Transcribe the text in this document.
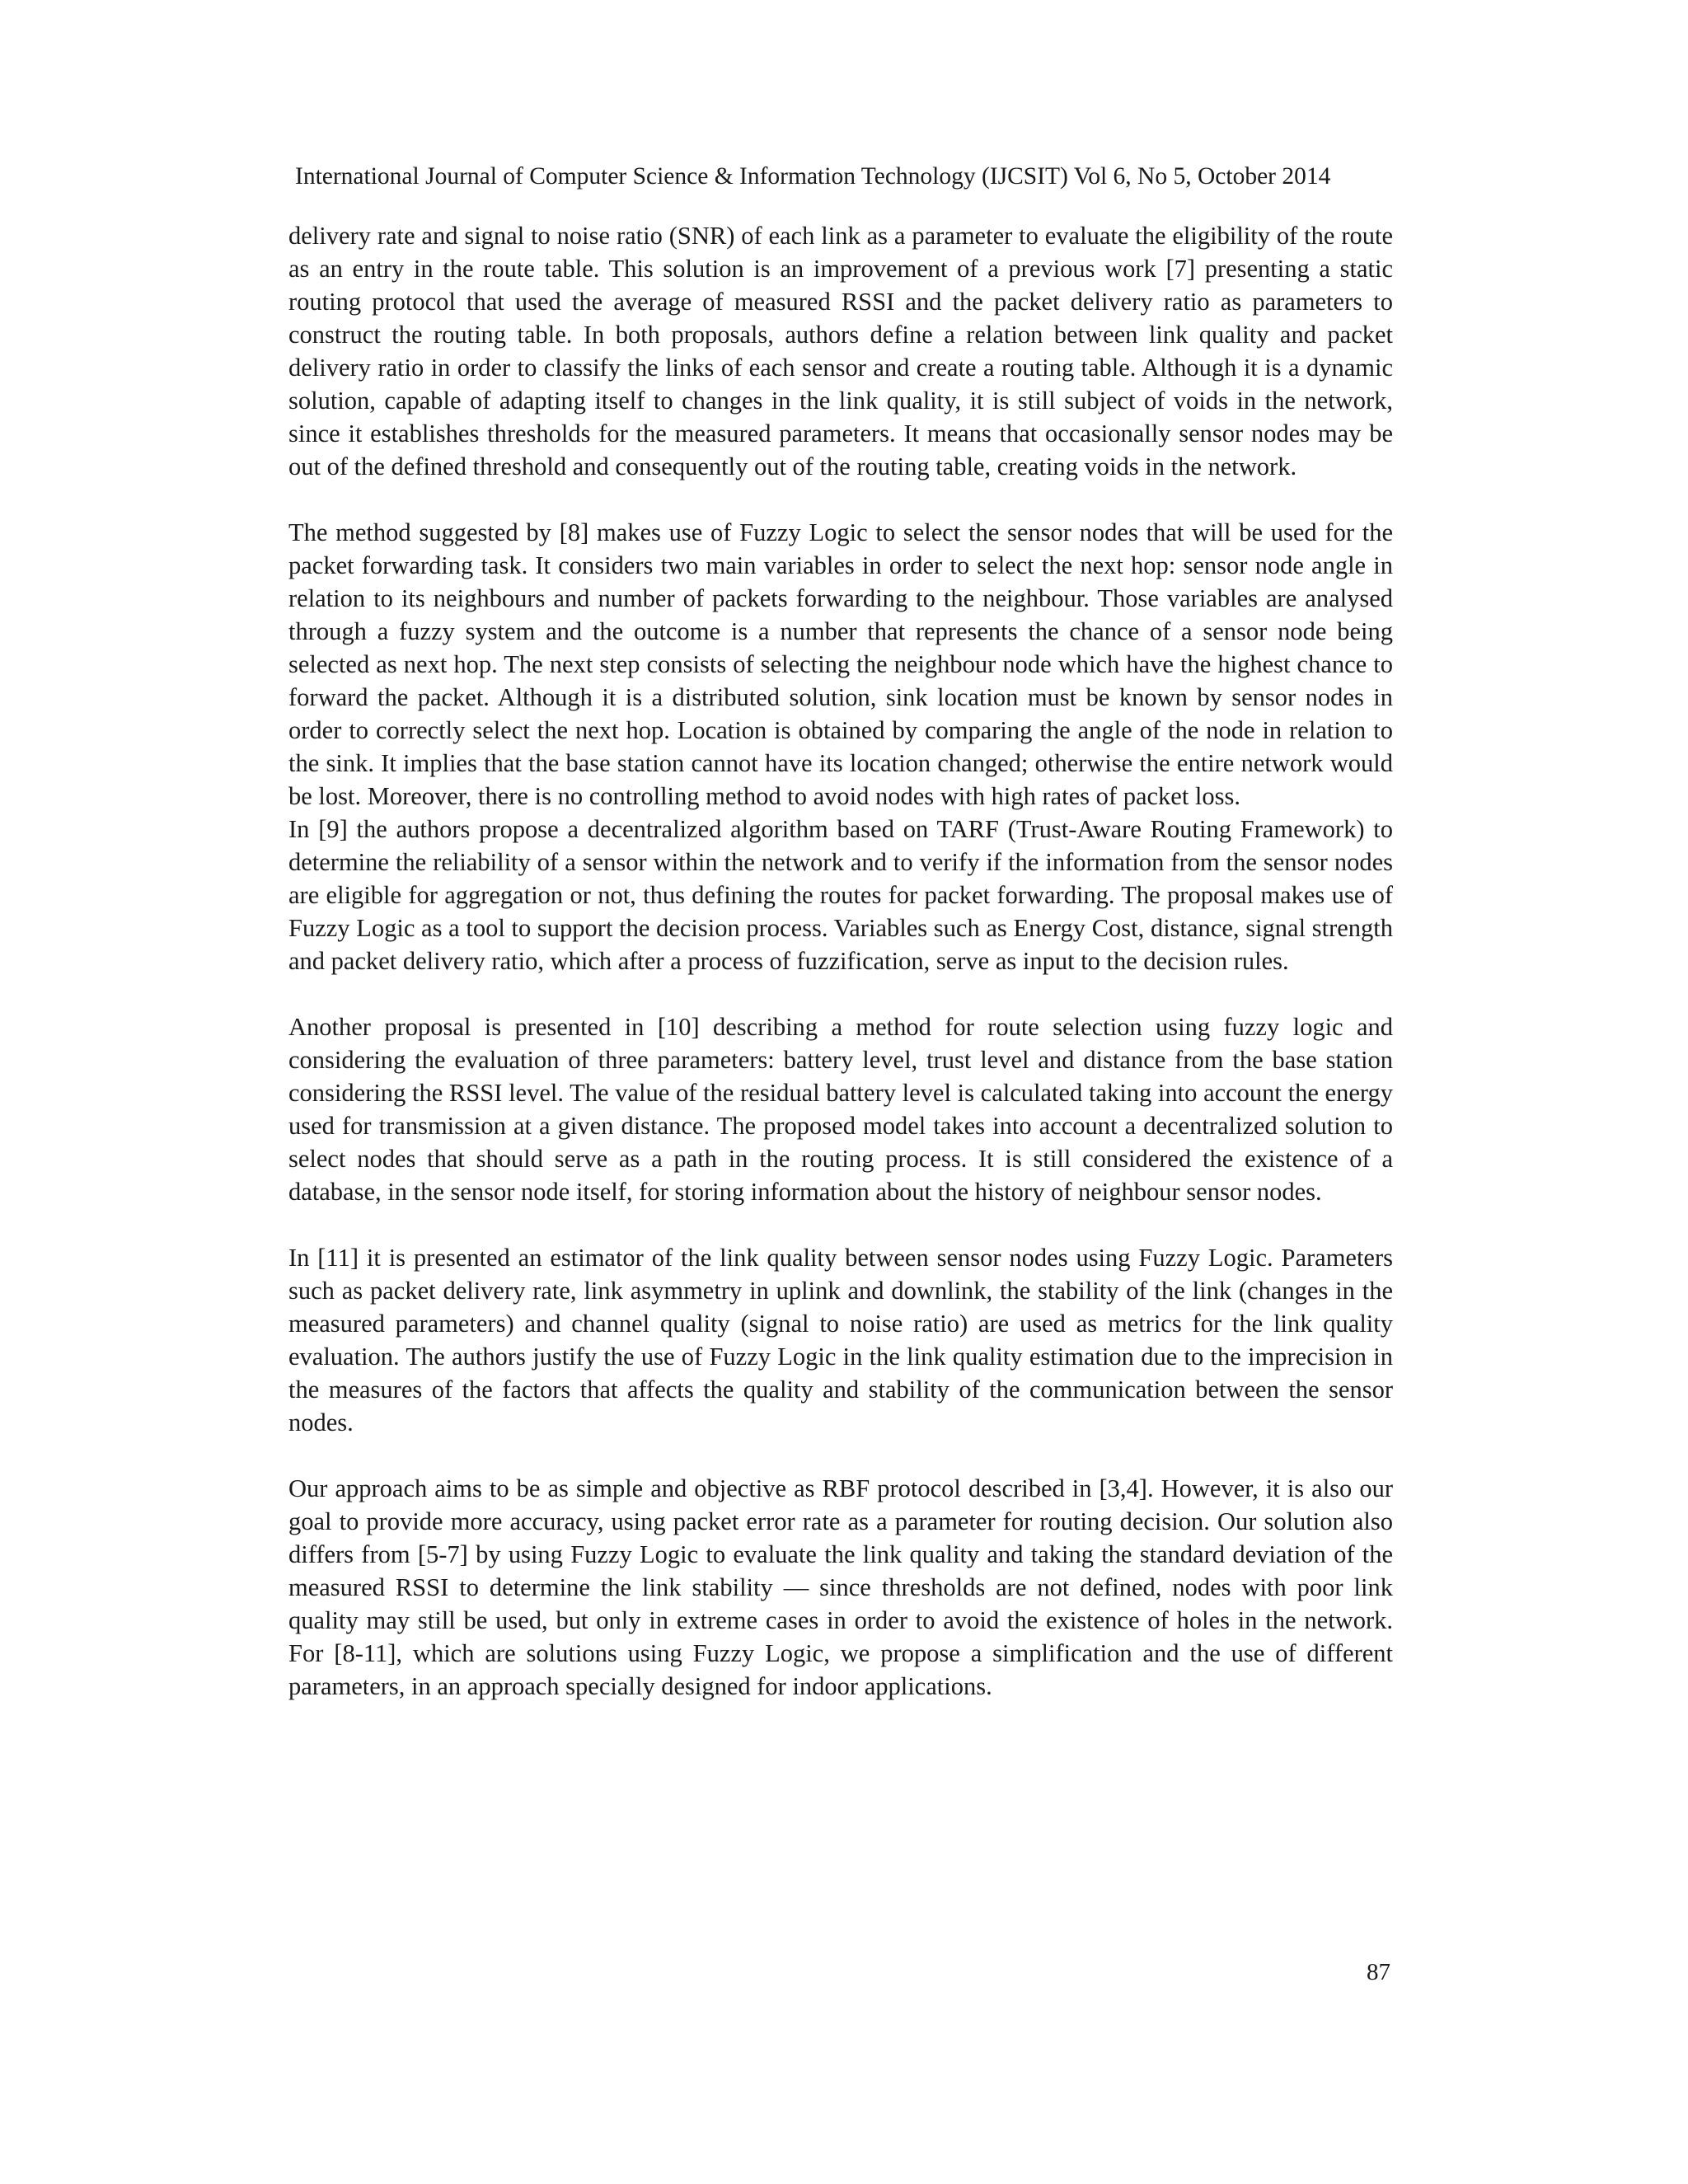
International Journal of Computer Science & Information Technology (IJCSIT) Vol 6, No 5, October 2014

delivery rate and signal to noise ratio (SNR) of each link as a parameter to evaluate the eligibility of the route as an entry in the route table. This solution is an improvement of a previous work [7] presenting a static routing protocol that used the average of measured RSSI and the packet delivery ratio as parameters to construct the routing table. In both proposals, authors define a relation between link quality and packet delivery ratio in order to classify the links of each sensor and create a routing table. Although it is a dynamic solution, capable of adapting itself to changes in the link quality, it is still subject of voids in the network, since it establishes thresholds for the measured parameters. It means that occasionally sensor nodes may be out of the defined threshold and consequently out of the routing table, creating voids in the network.

The method suggested by [8] makes use of Fuzzy Logic to select the sensor nodes that will be used for the packet forwarding task. It considers two main variables in order to select the next hop: sensor node angle in relation to its neighbours and number of packets forwarding to the neighbour. Those variables are analysed through a fuzzy system and the outcome is a number that represents the chance of a sensor node being selected as next hop. The next step consists of selecting the neighbour node which have the highest chance to forward the packet. Although it is a distributed solution, sink location must be known by sensor nodes in order to correctly select the next hop. Location is obtained by comparing the angle of the node in relation to the sink. It implies that the base station cannot have its location changed; otherwise the entire network would be lost. Moreover, there is no controlling method to avoid nodes with high rates of packet loss.

In [9] the authors propose a decentralized algorithm based on TARF (Trust-Aware Routing Framework) to determine the reliability of a sensor within the network and to verify if the information from the sensor nodes are eligible for aggregation or not, thus defining the routes for packet forwarding. The proposal makes use of Fuzzy Logic as a tool to support the decision process. Variables such as Energy Cost, distance, signal strength and packet delivery ratio, which after a process of fuzzification, serve as input to the decision rules.

Another proposal is presented in [10] describing a method for route selection using fuzzy logic and considering the evaluation of three parameters: battery level, trust level and distance from the base station considering the RSSI level. The value of the residual battery level is calculated taking into account the energy used for transmission at a given distance. The proposed model takes into account a decentralized solution to select nodes that should serve as a path in the routing process. It is still considered the existence of a database, in the sensor node itself, for storing information about the history of neighbour sensor nodes.

In [11] it is presented an estimator of the link quality between sensor nodes using Fuzzy Logic. Parameters such as packet delivery rate, link asymmetry in uplink and downlink, the stability of the link (changes in the measured parameters) and channel quality (signal to noise ratio) are used as metrics for the link quality evaluation. The authors justify the use of Fuzzy Logic in the link quality estimation due to the imprecision in the measures of the factors that affects the quality and stability of the communication between the sensor nodes.

Our approach aims to be as simple and objective as RBF protocol described in [3,4]. However, it is also our goal to provide more accuracy, using packet error rate as a parameter for routing decision. Our solution also differs from [5-7] by using Fuzzy Logic to evaluate the link quality and taking the standard deviation of the measured RSSI to determine the link stability — since thresholds are not defined, nodes with poor link quality may still be used, but only in extreme cases in order to avoid the existence of holes in the network. For [8-11], which are solutions using Fuzzy Logic, we propose a simplification and the use of different parameters, in an approach specially designed for indoor applications.

87
